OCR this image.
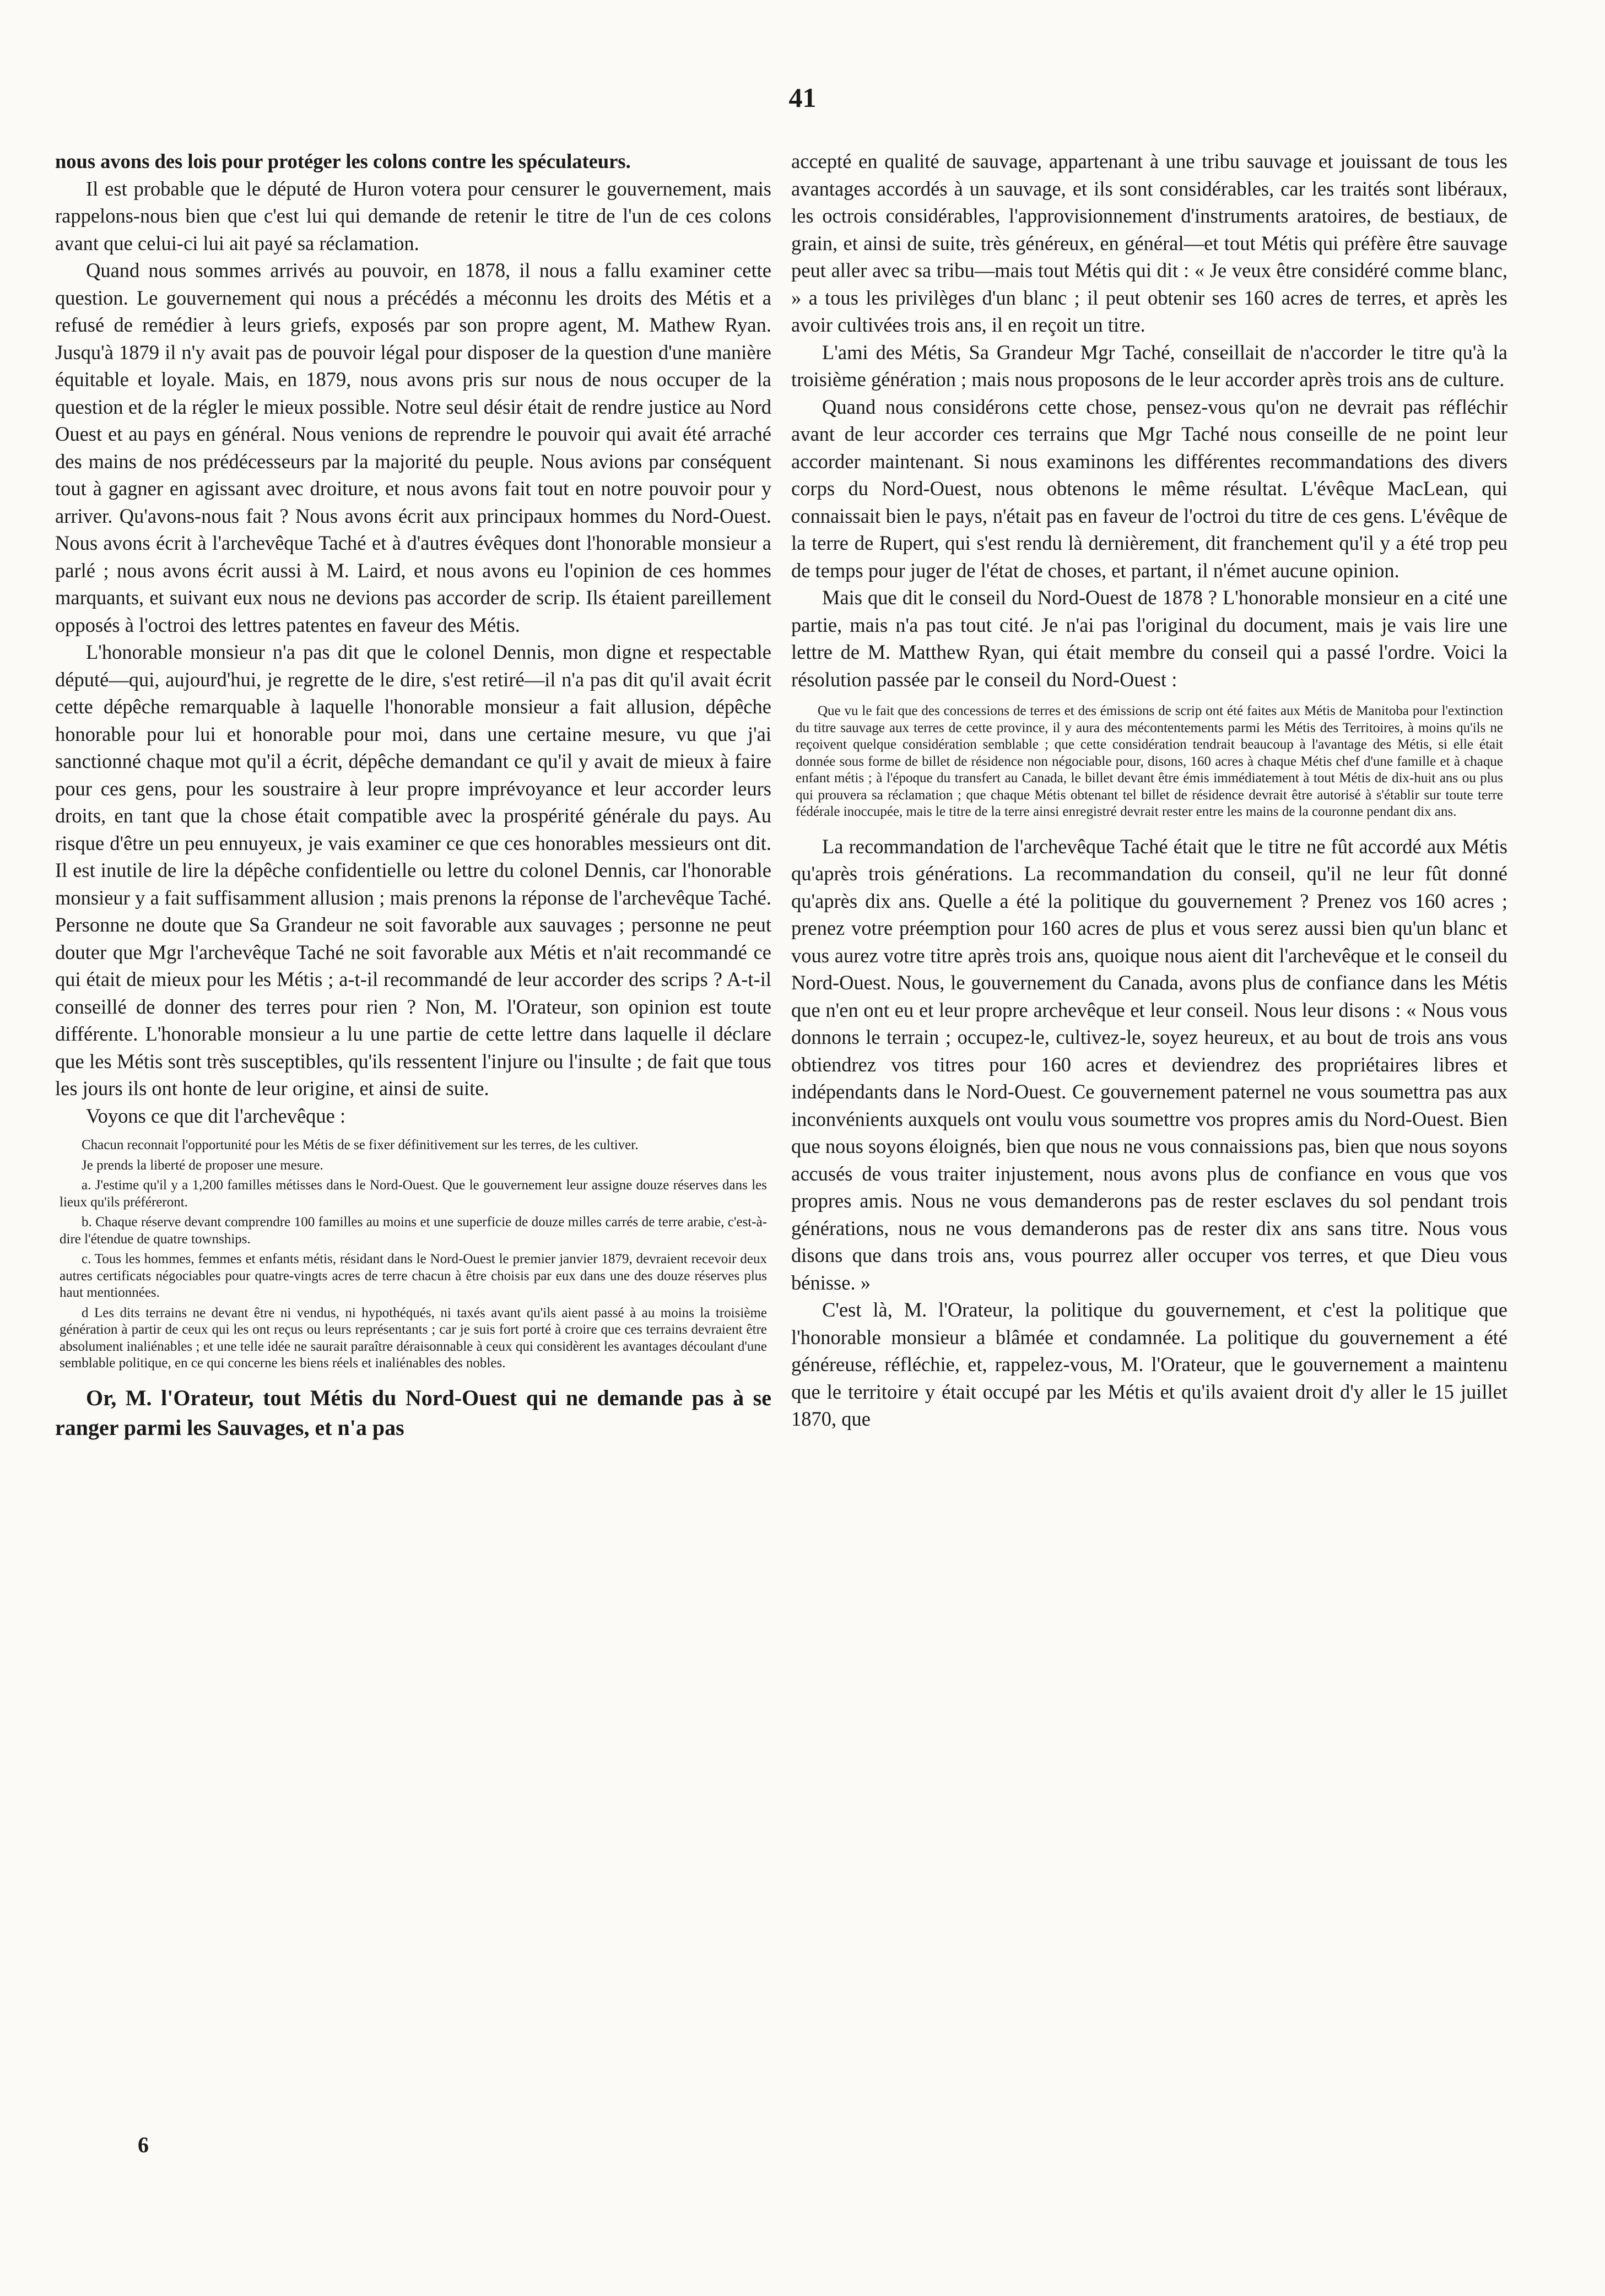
41

nous avons des lois pour protéger les colons contre les spéculateurs.

Il est probable que le député de Huron votera pour censurer le gouvernement, mais rappelons-nous bien que c'est lui qui demande de retenir le titre de l'un de ces colons avant que celui-ci lui ait payé sa réclamation.

Quand nous sommes arrivés au pouvoir, en 1878, il nous a fallu examiner cette question. Le gouvernement qui nous a précédés a méconnu les droits des Métis et a refusé de remédier à leurs griefs, exposés par son propre agent, M. Mathew Ryan. Jusqu'à 1879 il n'y avait pas de pouvoir légal pour disposer de la question d'une manière équitable et loyale. Mais, en 1879, nous avons pris sur nous de nous occuper de la question et de la régler le mieux possible. Notre seul désir était de rendre justice au Nord Ouest et au pays en général. Nous venions de reprendre le pouvoir qui avait été arraché des mains de nos prédécesseurs par la majorité du peuple. Nous avions par conséquent tout à gagner en agissant avec droiture, et nous avons fait tout en notre pouvoir pour y arriver. Qu'avons-nous fait ? Nous avons écrit aux principaux hommes du Nord-Ouest. Nous avons écrit à l'archevêque Taché et à d'autres évêques dont l'honorable monsieur a parlé ; nous avons écrit aussi à M. Laird, et nous avons eu l'opinion de ces hommes marquants, et suivant eux nous ne devions pas accorder de scrip. Ils étaient pareillement opposés à l'octroi des lettres patentes en faveur des Métis.

L'honorable monsieur n'a pas dit que le colonel Dennis, mon digne et respectable député—qui, aujourd'hui, je regrette de le dire, s'est retiré—il n'a pas dit qu'il avait écrit cette dépêche remarquable à laquelle l'honorable monsieur a fait allusion, dépêche honorable pour lui et honorable pour moi, dans une certaine mesure, vu que j'ai sanctionné chaque mot qu'il a écrit, dépêche demandant ce qu'il y avait de mieux à faire pour ces gens, pour les soustraire à leur propre imprévoyance et leur accorder leurs droits, en tant que la chose était compatible avec la prospérité générale du pays. Au risque d'être un peu ennuyeux, je vais examiner ce que ces honorables messieurs ont dit. Il est inutile de lire la dépêche confidentielle ou lettre du colonel Dennis, car l'honorable monsieur y a fait suffisamment allusion ; mais prenons la réponse de l'archevêque Taché. Personne ne doute que Sa Grandeur ne soit favorable aux sauvages ; personne ne peut douter que Mgr l'archevêque Taché ne soit favorable aux Métis et n'ait recommandé ce qui était de mieux pour les Métis ; a-t-il recommandé de leur accorder des scrips ? A-t-il conseillé de donner des terres pour rien ? Non, M. l'Orateur, son opinion est toute différente. L'honorable monsieur a lu une partie de cette lettre dans laquelle il déclare que les Métis sont très susceptibles, qu'ils ressentent l'injure ou l'insulte ; de fait que tous les jours ils ont honte de leur origine, et ainsi de suite.

Voyons ce que dit l'archevêque :

Chacun reconnait l'opportunité pour les Métis de se fixer définitivement sur les terres, de les cultiver.

Je prends la liberté de proposer une mesure.

a. J'estime qu'il y a 1,200 familles métisses dans le Nord-Ouest. Que le gouvernement leur assigne douze réserves dans les lieux qu'ils préféreront.

b. Chaque réserve devant comprendre 100 familles au moins et une superficie de douze milles carrés de terre arabie, c'est-à-dire l'étendue de quatre townships.

c. Tous les hommes, femmes et enfants métis, résidant dans le Nord-Ouest le premier janvier 1879, devraient recevoir deux autres certificats négociables pour quatre-vingts acres de terre chacun à être choisis par eux dans une des douze réserves plus haut mentionnées.

d Les dits terrains ne devant être ni vendus, ni hypothéqués, ni taxés avant qu'ils aient passé à au moins la troisième génération à partir de ceux qui les ont reçus ou leurs représentants ; car je suis fort porté à croire que ces terrains devraient être absolument inaliénables ; et une telle idée ne saurait paraître déraisonnable à ceux qui considèrent les avantages découlant d'une semblable politique, en ce qui concerne les biens réels et inaliénables des nobles.

Or, M. l'Orateur, tout Métis du Nord-Ouest qui ne demande pas à se ranger parmi les Sauvages, et n'a pas

accepté en qualité de sauvage, appartenant à une tribu sauvage et jouissant de tous les avantages accordés à un sauvage, et ils sont considérables, car les traités sont libéraux, les octrois considérables, l'approvisionnement d'instruments aratoires, de bestiaux, de grain, et ainsi de suite, très généreux, en général—et tout Métis qui préfère être sauvage peut aller avec sa tribu—mais tout Métis qui dit : « Je veux être considéré comme blanc, » a tous les privilèges d'un blanc ; il peut obtenir ses 160 acres de terres, et après les avoir cultivées trois ans, il en reçoit un titre.

L'ami des Métis, Sa Grandeur Mgr Taché, conseillait de n'accorder le titre qu'à la troisième génération ; mais nous proposons de le leur accorder après trois ans de culture.

Quand nous considérons cette chose, pensez-vous qu'on ne devrait pas réfléchir avant de leur accorder ces terrains que Mgr Taché nous conseille de ne point leur accorder maintenant. Si nous examinons les différentes recommandations des divers corps du Nord-Ouest, nous obtenons le même résultat. L'évêque MacLean, qui connaissait bien le pays, n'était pas en faveur de l'octroi du titre de ces gens. L'évêque de la terre de Rupert, qui s'est rendu là dernièrement, dit franchement qu'il y a été trop peu de temps pour juger de l'état de choses, et partant, il n'émet aucune opinion.

Mais que dit le conseil du Nord-Ouest de 1878 ? L'honorable monsieur en a cité une partie, mais n'a pas tout cité. Je n'ai pas l'original du document, mais je vais lire une lettre de M. Matthew Ryan, qui était membre du conseil qui a passé l'ordre. Voici la résolution passée par le conseil du Nord-Ouest :

Que vu le fait que des concessions de terres et des émissions de scrip ont été faites aux Métis de Manitoba pour l'extinction du titre sauvage aux terres de cette province, il y aura des mécontentements parmi les Métis des Territoires, à moins qu'ils ne reçoivent quelque considération semblable ; que cette considération tendrait beaucoup à l'avantage des Métis, si elle était donnée sous forme de billet de résidence non négociable pour, disons, 160 acres à chaque Métis chef d'une famille et à chaque enfant métis ; à l'époque du transfert au Canada, le billet devant être émis immédiatement à tout Métis de dix-huit ans ou plus qui prouvera sa réclamation ; que chaque Métis obtenant tel billet de résidence devrait être autorisé à s'établir sur toute terre fédérale inoccupée, mais le titre de la terre ainsi enregistré devrait rester entre les mains de la couronne pendant dix ans.

La recommandation de l'archevêque Taché était que le titre ne fût accordé aux Métis qu'après trois générations. La recommandation du conseil, qu'il ne leur fût donné qu'après dix ans. Quelle a été la politique du gouvernement ? Prenez vos 160 acres ; prenez votre préemption pour 160 acres de plus et vous serez aussi bien qu'un blanc et vous aurez votre titre après trois ans, quoique nous aient dit l'archevêque et le conseil du Nord-Ouest. Nous, le gouvernement du Canada, avons plus de confiance dans les Métis que n'en ont eu et leur propre archevêque et leur conseil. Nous leur disons : « Nous vous donnons le terrain ; occupez-le, cultivez-le, soyez heureux, et au bout de trois ans vous obtiendrez vos titres pour 160 acres et deviendrez des propriétaires libres et indépendants dans le Nord-Ouest. Ce gouvernement paternel ne vous soumettra pas aux inconvénients auxquels ont voulu vous soumettre vos propres amis du Nord-Ouest. Bien que nous soyons éloignés, bien que nous ne vous connaissions pas, bien que nous soyons accusés de vous traiter injustement, nous avons plus de confiance en vous que vos propres amis. Nous ne vous demanderons pas de rester esclaves du sol pendant trois générations, nous ne vous demanderons pas de rester dix ans sans titre. Nous vous disons que dans trois ans, vous pourrez aller occuper vos terres, et que Dieu vous bénisse. »

C'est là, M. l'Orateur, la politique du gouvernement, et c'est la politique que l'honorable monsieur a blâmée et condamnée. La politique du gouvernement a été généreuse, réfléchie, et, rappelez-vous, M. l'Orateur, que le gouvernement a maintenu que le territoire y était occupé par les Métis et qu'ils avaient droit d'y aller le 15 juillet 1870, que

6
